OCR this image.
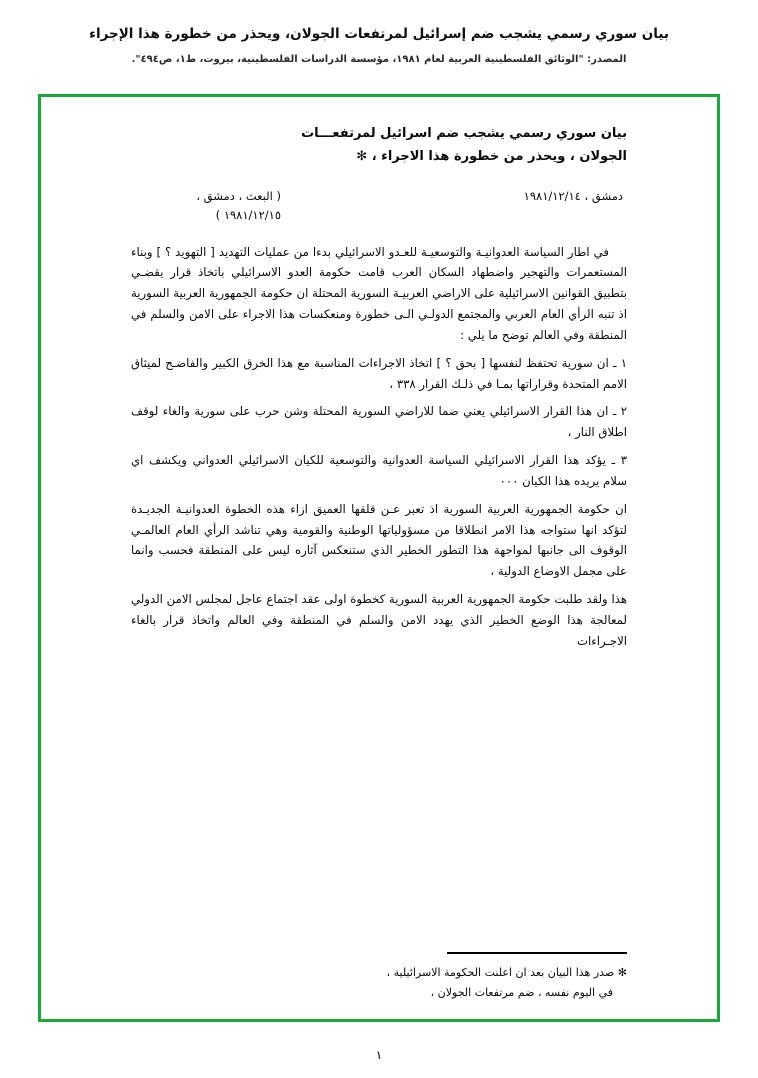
بيان سوري رسمي يشجب ضم إسرائيل لمرتفعات الجولان، ويحذر من خطورة هذا الإجراء
المصدر: "الوثائق الفلسطينية العربية لعام ١٩٨١، مؤسسة الدراسات الفلسطينية، بيروت، ط١، ص٤٩٤".
بيان سوري رسمي يشجب ضم اسرائيل لمرتفعـــات
الجولان ، ويحذر من خطورة هذا الاجراء ، ✻
دمشق ، ١٩٨١/١٢/١٤
( البعث ، دمشق ،
١٩٨١/١٢/١٥ )

في اطار السياسة العدوانيـة والتوسعيـة للعـدو الاسرائيلي بدءا من عمليات التهديد [ التهويد ؟ ] وبناء المستعمرات والتهجير واضطهاد السكان العرب قامت حكومة العدو الاسرائيلي باتخاذ قرار يقضـي بتطبيق القوانين الاسرائيلية على الاراضي العربيـة السورية المحتلة ان حكومة الجمهورية العربية السورية اذ تنبه الرأي العام العربي والمجتمع الدولـي الـى خطورة ومنعكسات هذا الاجراء على الامن والسلم في المنطقة وفي العالم توضح ما يلي :

١ ـ ان سورية تحتفظ لنفسها [ بحق ؟ ] اتخاذ الاجراءات المناسبة مع هذا الخرق الكبير والفاضـح لميثاق الامم المتحدة وقراراتها بمـا في ذلـك القرار ٣٣٨ ،

٢ ـ ان هذا القرار الاسرائيلي يعني ضما للاراضي السورية المحتلة وشن حرب على سورية والغاء لوقف اطلاق النار ،

٣ ـ يؤكد هذا القرار الاسرائيلي السياسة العدوانية والتوسعية للكيان الاسرائيلي العدواني ويكشف اي سلام يريده هذا الكيان ٠٠٠

ان حكومة الجمهورية العربية السورية اذ تعبر عـن قلقها العميق ازاء هذه الخطوة العدوانيـة الجديـدة لتؤكد انها ستواجه هذا الامر انطلاقا من مسؤولياتها الوطنية والقومية وهي تناشد الرأي العام العالمـي الوقوف الى جانبها لمواجهة هذا التطور الخطير الذي ستنعكس آثاره ليس على المنطقة فحسب وانما على مجمل الاوضاع الدولية ،

هذا ولقد طلبت حكومة الجمهورية العربية السورية كخطوة اولى عقد اجتماع عاجل لمجلس الامن الدولي لمعالجة هذا الوضع الخطير الذي يهدد الامن والسلم في المنطقة وفي العالم واتخاذ قرار بالغاء الاجـراءات

✻ صدر هذا البيان بعد ان اعلنت الحكومة الاسرائيلية ،
في اليوم نفسه ، ضم مرتفعات الجولان ،
١
